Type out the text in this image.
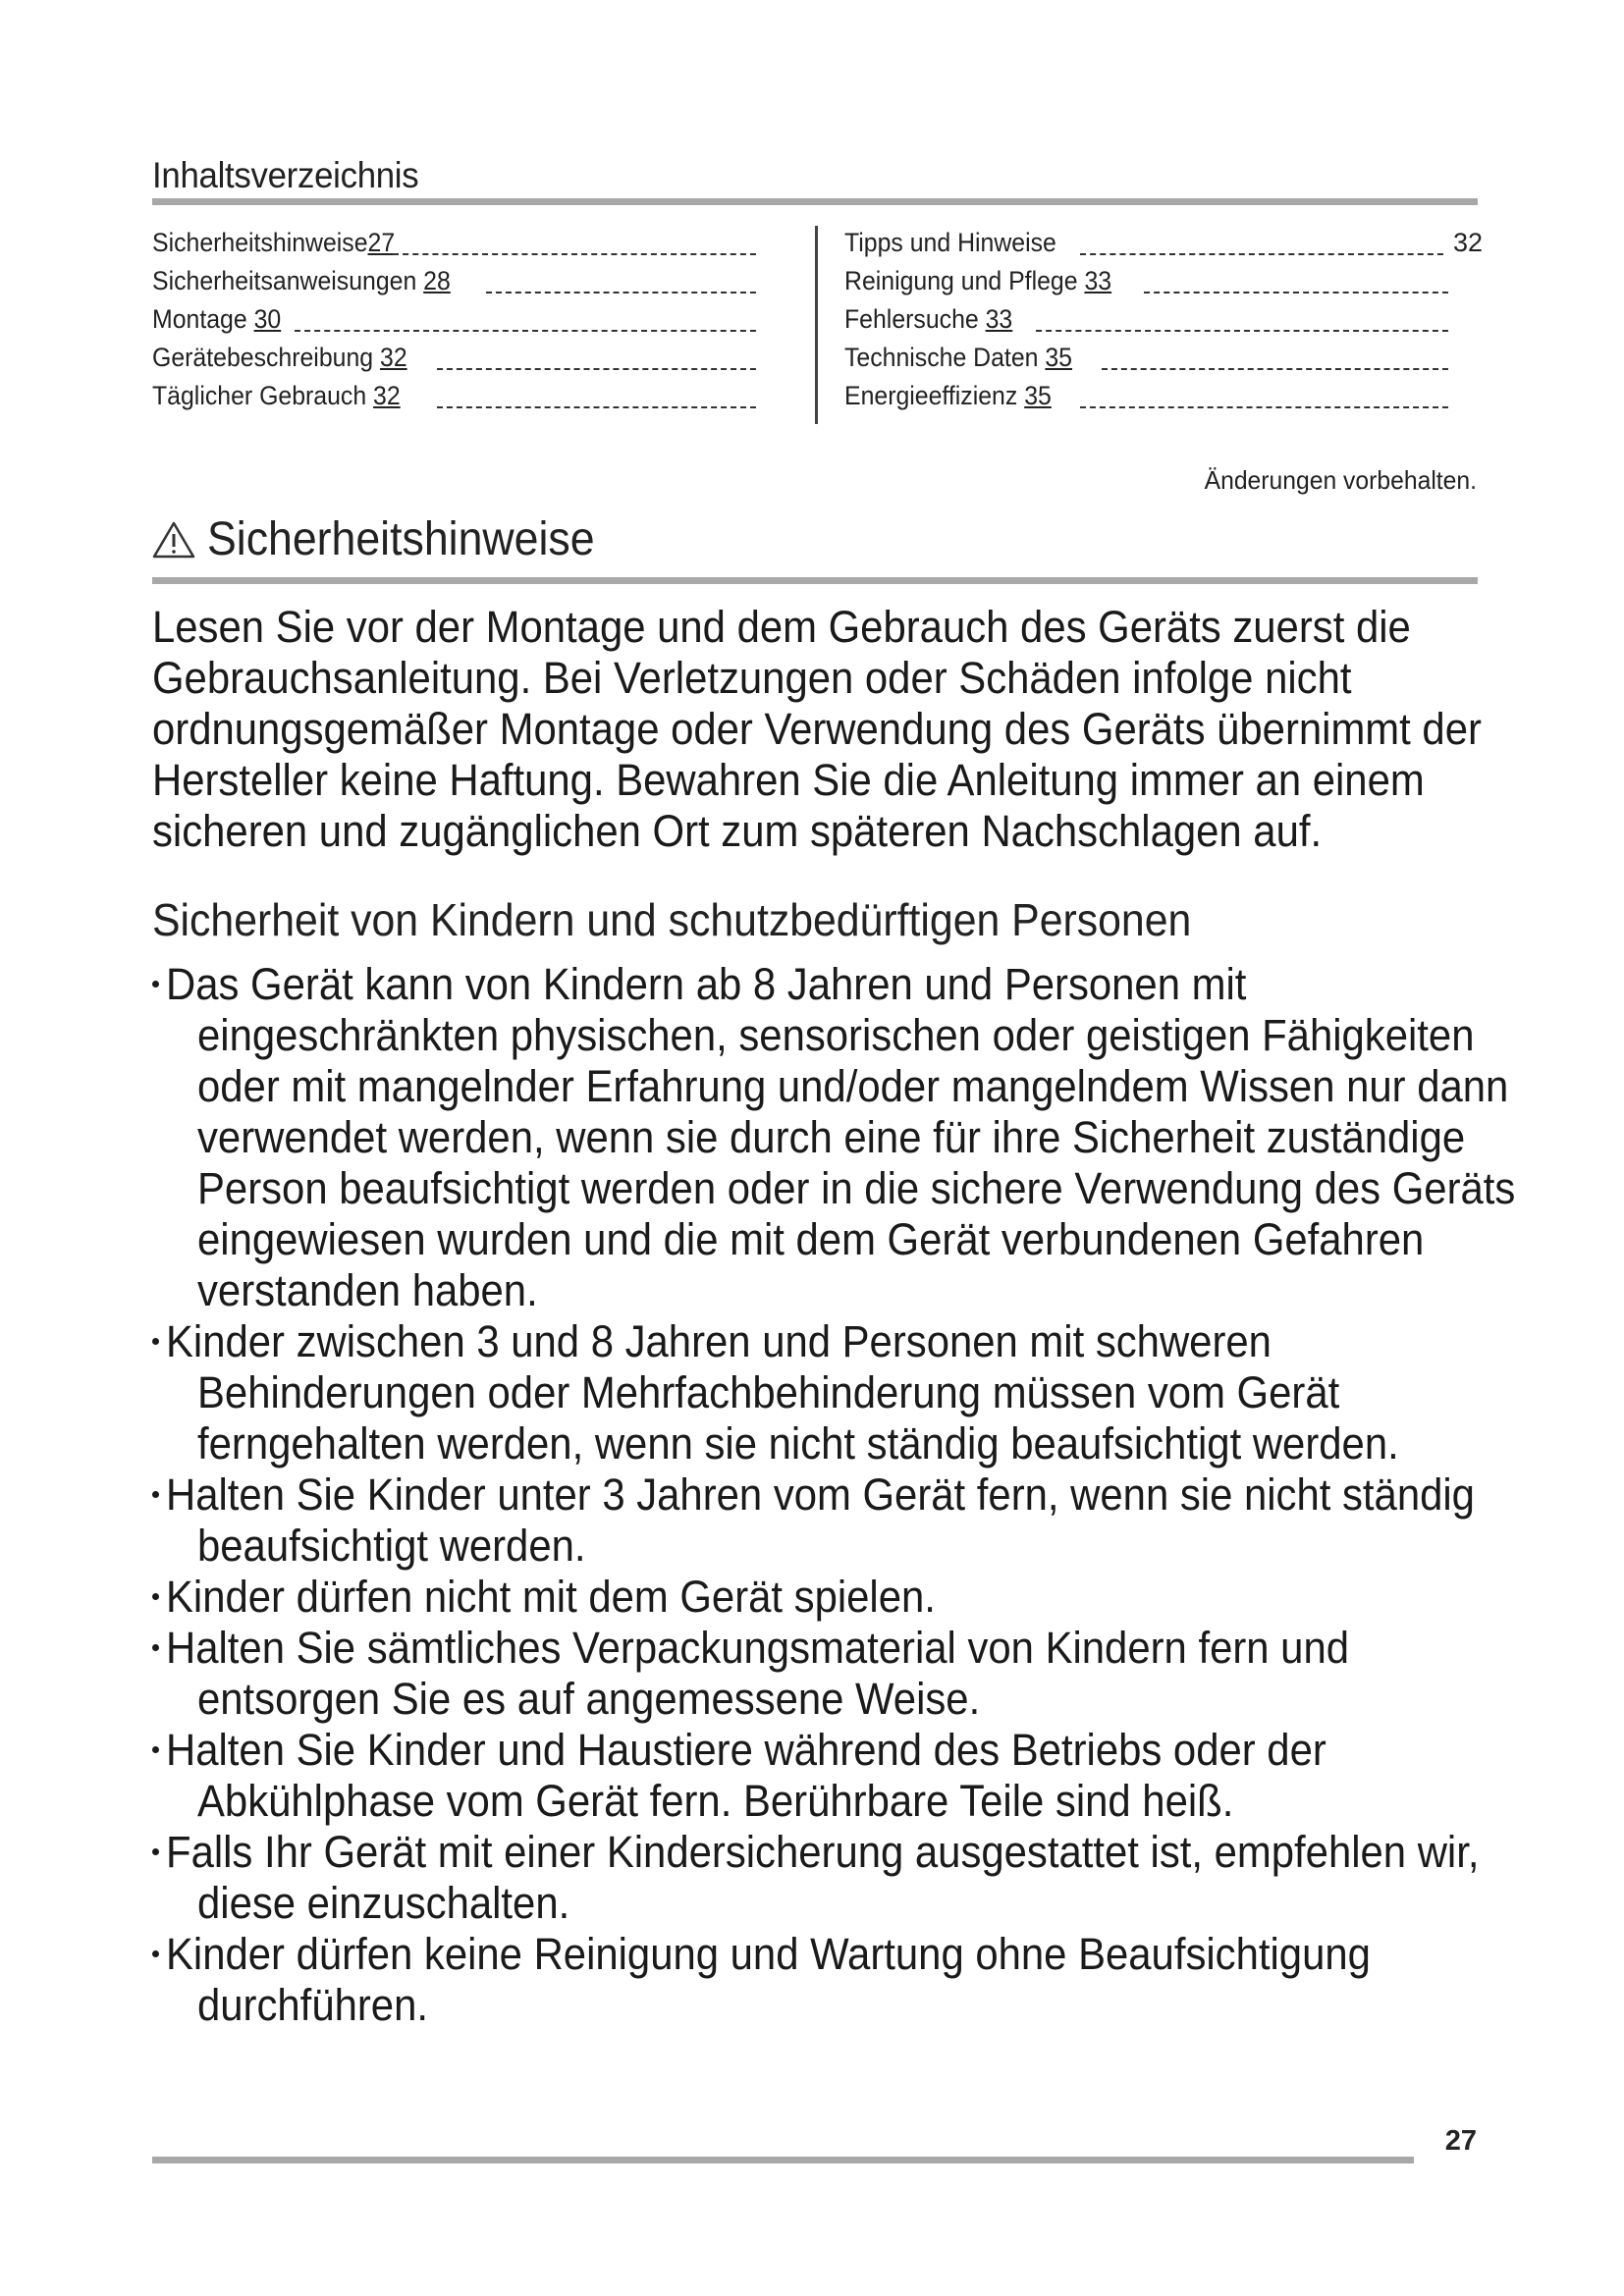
Inhaltsverzeichnis
Sicherheitshinweise27
Sicherheitsanweisungen 28
Montage 30
Gerätebeschreibung 32
Täglicher Gebrauch 32
Tipps und Hinweise	32
Reinigung und Pflege 33
Fehlersuche 33
Technische Daten 35
Energieeffizienz 35
Änderungen vorbehalten.
Sicherheitshinweise
Lesen Sie vor der Montage und dem Gebrauch des Geräts zuerst die
Gebrauchsanleitung. Bei Verletzungen oder Schäden infolge nicht
ordnungsgemäßer Montage oder Verwendung des Geräts übernimmt der
Hersteller keine Haftung. Bewahren Sie die Anleitung immer an einem
sicheren und zugänglichen Ort zum späteren Nachschlagen auf.
Sicherheit von Kindern und schutzbedürftigen Personen
Das Gerät kann von Kindern ab 8 Jahren und Personen mit
eingeschränkten physischen, sensorischen oder geistigen Fähigkeiten
oder mit mangelnder Erfahrung und/oder mangelndem Wissen nur dann
verwendet werden, wenn sie durch eine für ihre Sicherheit zuständige
Person beaufsichtigt werden oder in die sichere Verwendung des Geräts
eingewiesen wurden und die mit dem Gerät verbundenen Gefahren
verstanden haben.
Kinder zwischen 3 und 8 Jahren und Personen mit schweren
Behinderungen oder Mehrfachbehinderung müssen vom Gerät
ferngehalten werden, wenn sie nicht ständig beaufsichtigt werden.
Halten Sie Kinder unter 3 Jahren vom Gerät fern, wenn sie nicht ständig
beaufsichtigt werden.
Kinder dürfen nicht mit dem Gerät spielen.
Halten Sie sämtliches Verpackungsmaterial von Kindern fern und
entsorgen Sie es auf angemessene Weise.
Halten Sie Kinder und Haustiere während des Betriebs oder der
Abkühlphase vom Gerät fern. Berührbare Teile sind heiß.
Falls Ihr Gerät mit einer Kindersicherung ausgestattet ist, empfehlen wir,
diese einzuschalten.
Kinder dürfen keine Reinigung und Wartung ohne Beaufsichtigung
durchführen.
27
